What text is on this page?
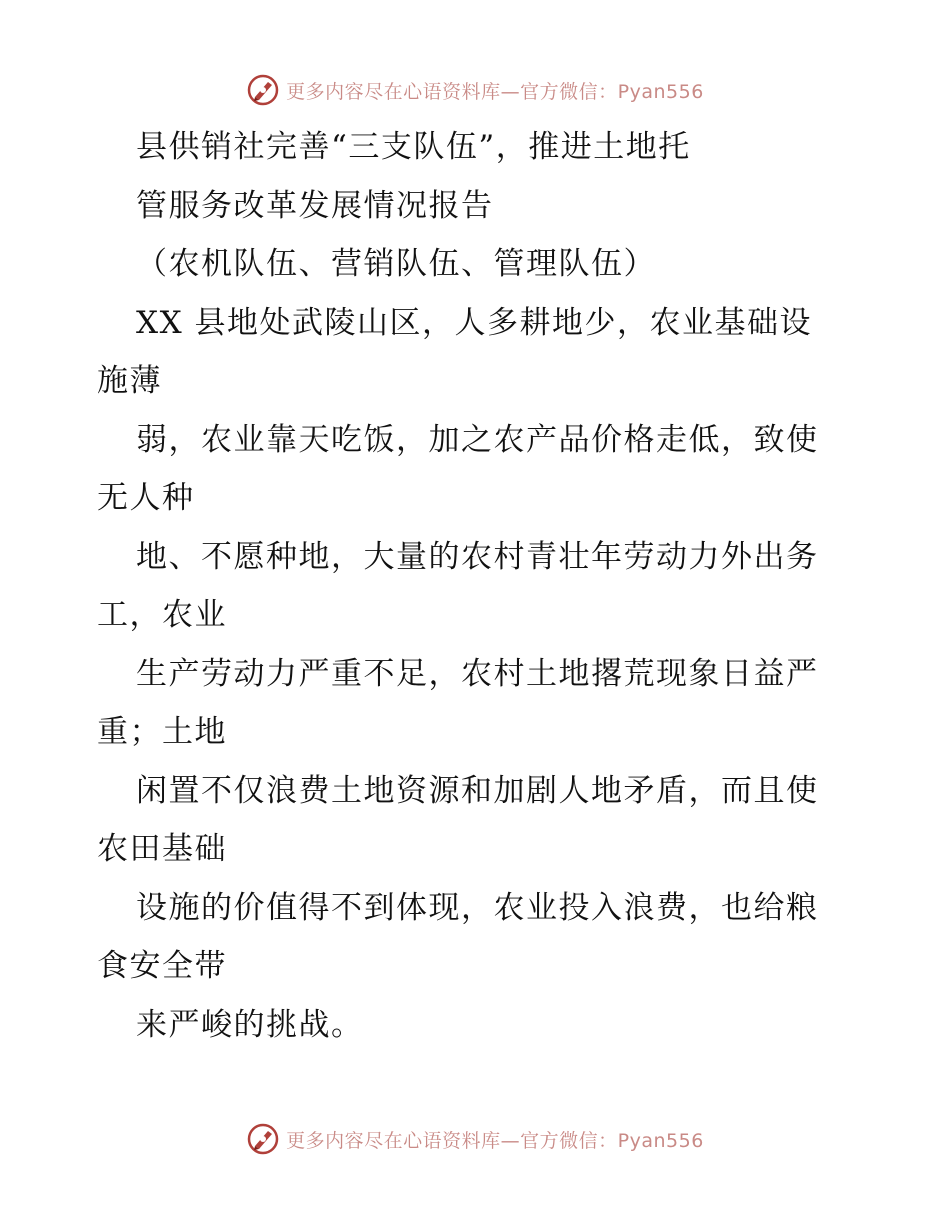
更多内容尽在心语资料库—官方微信：Pyan556
县供销社完善“三支队伍”，推进土地托
管服务改革发展情况报告
（农机队伍、营销队伍、管理队伍）
XX 县地处武陵山区，人多耕地少，农业基础设
施薄
弱，农业靠天吃饭，加之农产品价格走低，致使
无人种
地、不愿种地，大量的农村青壮年劳动力外出务
工，农业
生产劳动力严重不足，农村土地撂荒现象日益严
重；土地
闲置不仅浪费土地资源和加剧人地矛盾，而且使
农田基础
设施的价值得不到体现，农业投入浪费，也给粮
食安全带
来严峻的挑战。
更多内容尽在心语资料库—官方微信：Pyan556
